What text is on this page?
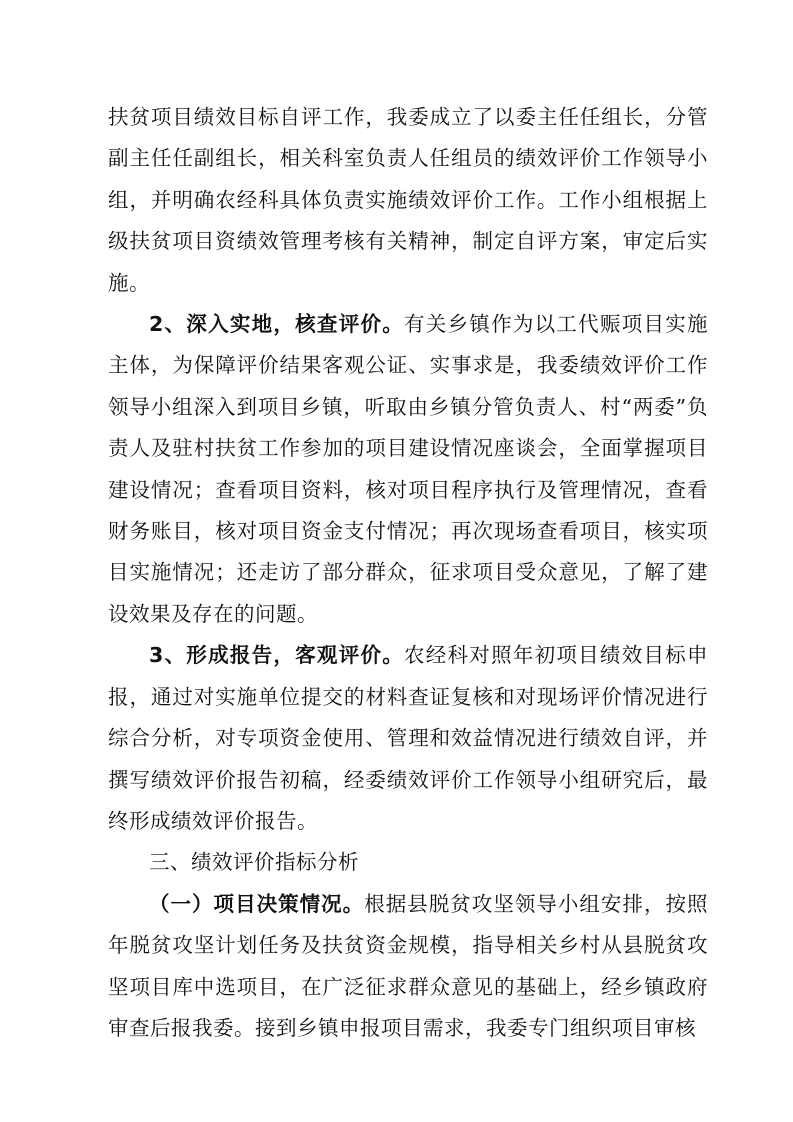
扶贫项目绩效目标自评工作，我委成立了以委主任任组长，分管副主任任副组长，相关科室负责人任组员的绩效评价工作领导小组，并明确农经科具体负责实施绩效评价工作。工作小组根据上级扶贫项目资绩效管理考核有关精神，制定自评方案，审定后实施。

2、深入实地，核查评价。有关乡镇作为以工代赈项目实施主体，为保障评价结果客观公证、实事求是，我委绩效评价工作领导小组深入到项目乡镇，听取由乡镇分管负责人、村“两委”负责人及驻村扶贫工作参加的项目建设情况座谈会，全面掌握项目建设情况；查看项目资料，核对项目程序执行及管理情况，查看财务账目，核对项目资金支付情况；再次现场查看项目，核实项目实施情况；还走访了部分群众，征求项目受众意见，了解了建设效果及存在的问题。

3、形成报告，客观评价。农经科对照年初项目绩效目标申报，通过对实施单位提交的材料查证复核和对现场评价情况进行综合分析，对专项资金使用、管理和效益情况进行绩效自评，并撰写绩效评价报告初稿，经委绩效评价工作领导小组研究后，最终形成绩效评价报告。

三、绩效评价指标分析

（一）项目决策情况。根据县脱贫攻坚领导小组安排，按照年脱贫攻坚计划任务及扶贫资金规模，指导相关乡村从县脱贫攻坚项目库中选项目，在广泛征求群众意见的基础上，经乡镇政府审查后报我委。接到乡镇申报项目需求，我委专门组织项目审核
